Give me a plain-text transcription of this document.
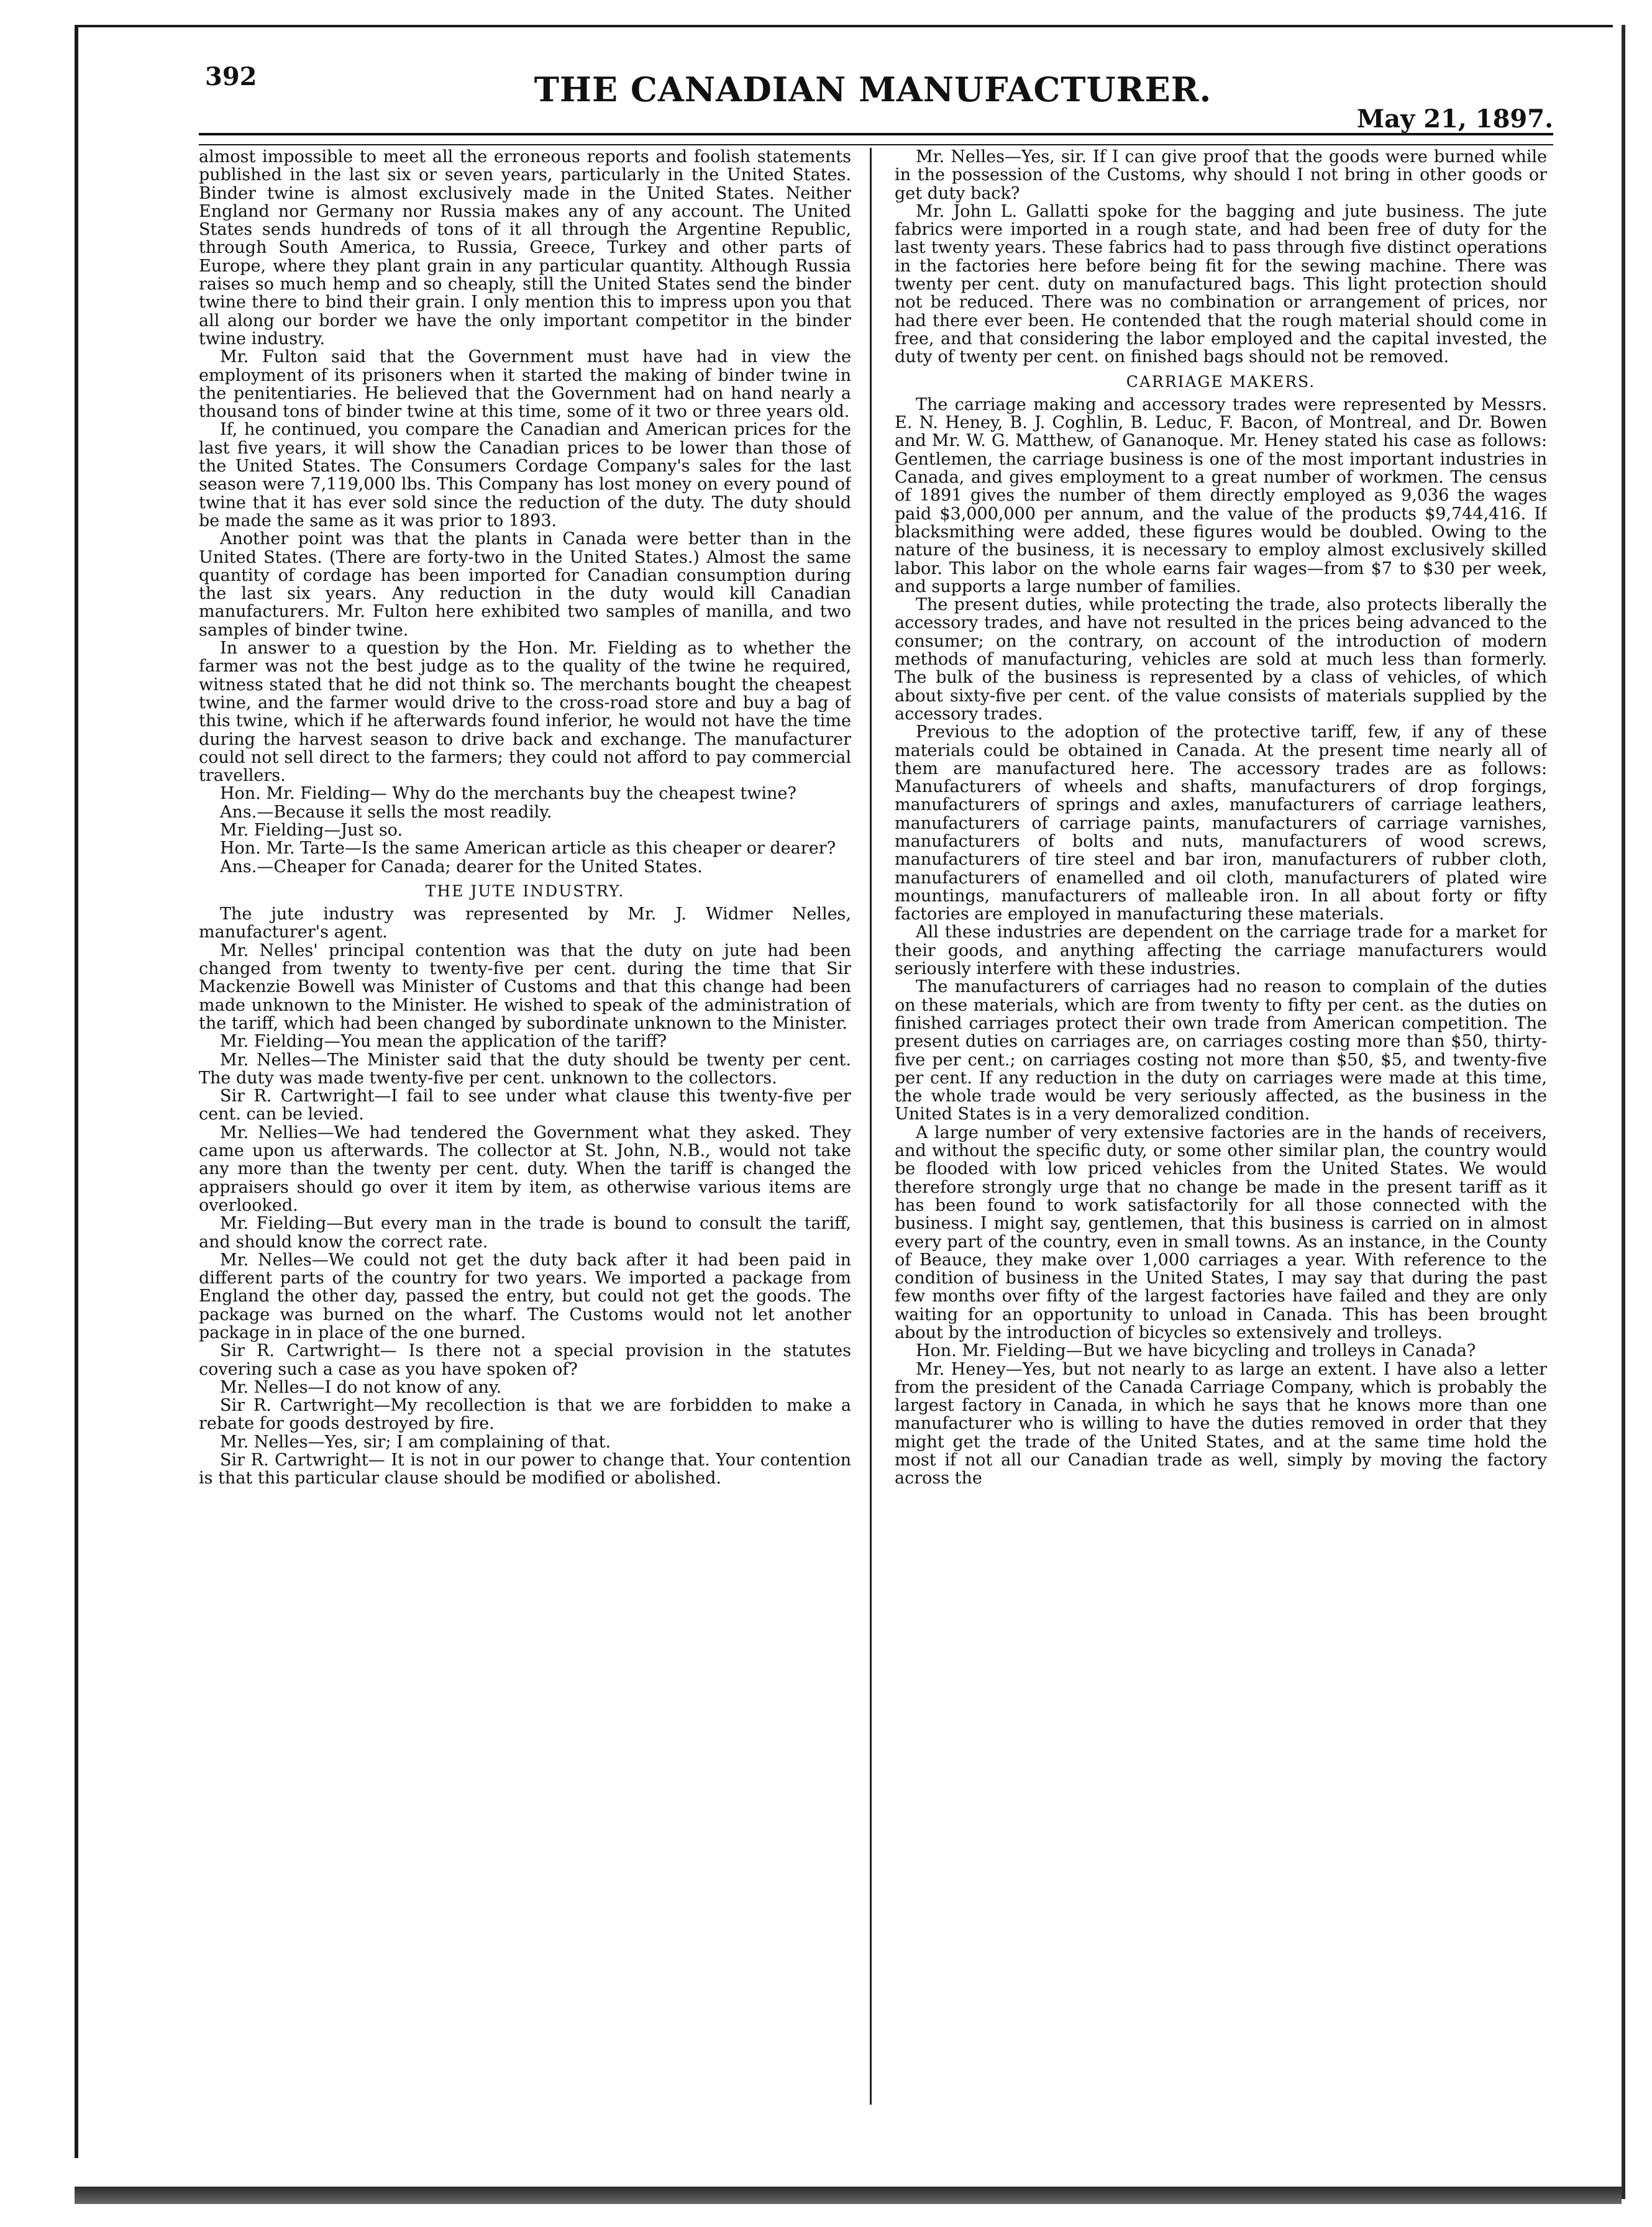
392	THE CANADIAN MANUFACTURER.
May 21, 1897.

almost impossible to meet all the erroneous reports and foolish statements published in the last six or seven years, particularly in the United States. Binder twine is almost exclusively made in the United States. Neither England nor Germany nor Russia makes any of any account. The United States sends hundreds of tons of it all through the Argentine Republic, through South America, to Russia, Greece, Turkey and other parts of Europe, where they plant grain in any particular quantity. Although Russia raises so much hemp and so cheaply, still the United States send the binder twine there to bind their grain. I only mention this to impress upon you that all along our border we have the only important competitor in the binder twine industry.

Mr. Fulton said that the Government must have had in view the employment of its prisoners when it started the making of binder twine in the penitentiaries. He believed that the Government had on hand nearly a thousand tons of binder twine at this time, some of it two or three years old.

If, he continued, you compare the Canadian and American prices for the last five years, it will show the Canadian prices to be lower than those of the United States. The Consumers Cordage Company's sales for the last season were 7,119,000 lbs. This Company has lost money on every pound of twine that it has ever sold since the reduction of the duty. The duty should be made the same as it was prior to 1893.

Another point was that the plants in Canada were better than in the United States. (There are forty-two in the United States.) Almost the same quantity of cordage has been imported for Canadian consumption during the last six years. Any reduction in the duty would kill Canadian manufacturers. Mr. Fulton here exhibited two samples of manilla, and two samples of binder twine.

In answer to a question by the Hon. Mr. Fielding as to whether the farmer was not the best judge as to the quality of the twine he required, witness stated that he did not think so. The merchants bought the cheapest twine, and the farmer would drive to the cross-road store and buy a bag of this twine, which if he afterwards found inferior, he would not have the time during the harvest season to drive back and exchange. The manufacturer could not sell direct to the farmers; they could not afford to pay commercial travellers.

Hon. Mr. Fielding— Why do the merchants buy the cheapest twine?

Ans.—Because it sells the most readily.

Mr. Fielding—Just so.

Hon. Mr. Tarte—Is the same American article as this cheaper or dearer?

Ans.—Cheaper for Canada; dearer for the United States.

THE JUTE INDUSTRY.

The jute industry was represented by Mr. J. Widmer Nelles, manufacturer's agent.

Mr. Nelles' principal contention was that the duty on jute had been changed from twenty to twenty-five per cent. during the time that Sir Mackenzie Bowell was Minister of Customs and that this change had been made unknown to the Minister. He wished to speak of the administration of the tariff, which had been changed by subordinate unknown to the Minister.

Mr. Fielding—You mean the application of the tariff?

Mr. Nelles—The Minister said that the duty should be twenty per cent. The duty was made twenty-five per cent. unknown to the collectors.

Sir R. Cartwright—I fail to see under what clause this twenty-five per cent. can be levied.

Mr. Nellies—We had tendered the Government what they asked. They came upon us afterwards. The collector at St. John, N.B., would not take any more than the twenty per cent. duty. When the tariff is changed the appraisers should go over it item by item, as otherwise various items are overlooked.

Mr. Fielding—But every man in the trade is bound to consult the tariff, and should know the correct rate.

Mr. Nelles—We could not get the duty back after it had been paid in different parts of the country for two years. We imported a package from England the other day, passed the entry, but could not get the goods. The package was burned on the wharf. The Customs would not let another package in in place of the one burned.

Sir R. Cartwright— Is there not a special provision in the statutes covering such a case as you have spoken of?

Mr. Nelles—I do not know of any.

Sir R. Cartwright—My recollection is that we are forbidden to make a rebate for goods destroyed by fire.

Mr. Nelles—Yes, sir; I am complaining of that.

Sir R. Cartwright— It is not in our power to change that. Your contention is that this particular clause should be modified or abolished.

Mr. Nelles—Yes, sir. If I can give proof that the goods were burned while in the possession of the Customs, why should I not bring in other goods or get duty back?

Mr. John L. Gallatti spoke for the bagging and jute business. The jute fabrics were imported in a rough state, and had been free of duty for the last twenty years. These fabrics had to pass through five distinct operations in the factories here before being fit for the sewing machine. There was twenty per cent. duty on manufactured bags. This light protection should not be reduced. There was no combination or arrangement of prices, nor had there ever been. He contended that the rough material should come in free, and that considering the labor employed and the capital invested, the duty of twenty per cent. on finished bags should not be removed.

CARRIAGE MAKERS.

The carriage making and accessory trades were represented by Messrs. E. N. Heney, B. J. Coghlin, B. Leduc, F. Bacon, of Montreal, and Dr. Bowen and Mr. W. G. Matthew, of Gananoque. Mr. Heney stated his case as follows: Gentlemen, the carriage business is one of the most important industries in Canada, and gives employment to a great number of workmen. The census of 1891 gives the number of them directly employed as 9,036 the wages paid $3,000,000 per annum, and the value of the products $9,744,416. If blacksmithing were added, these figures would be doubled. Owing to the nature of the business, it is necessary to employ almost exclusively skilled labor. This labor on the whole earns fair wages—from $7 to $30 per week, and supports a large number of families.

The present duties, while protecting the trade, also protects liberally the accessory trades, and have not resulted in the prices being advanced to the consumer; on the contrary, on account of the introduction of modern methods of manufacturing, vehicles are sold at much less than formerly. The bulk of the business is represented by a class of vehicles, of which about sixty-five per cent. of the value consists of materials supplied by the accessory trades.

Previous to the adoption of the protective tariff, few, if any of these materials could be obtained in Canada. At the present time nearly all of them are manufactured here. The accessory trades are as follows: Manufacturers of wheels and shafts, manufacturers of drop forgings, manufacturers of springs and axles, manufacturers of carriage leathers, manufacturers of carriage paints, manufacturers of carriage varnishes, manufacturers of bolts and nuts, manufacturers of wood screws, manufacturers of tire steel and bar iron, manufacturers of rubber cloth, manufacturers of enamelled and oil cloth, manufacturers of plated wire mountings, manufacturers of malleable iron. In all about forty or fifty factories are employed in manufacturing these materials.

All these industries are dependent on the carriage trade for a market for their goods, and anything affecting the carriage manufacturers would seriously interfere with these industries.

The manufacturers of carriages had no reason to complain of the duties on these materials, which are from twenty to fifty per cent. as the duties on finished carriages protect their own trade from American competition. The present duties on carriages are, on carriages costing more than $50, thirty-five per cent.; on carriages costing not more than $50, $5, and twenty-five per cent. If any reduction in the duty on carriages were made at this time, the whole trade would be very seriously affected, as the business in the United States is in a very demoralized condition.

A large number of very extensive factories are in the hands of receivers, and without the specific duty, or some other similar plan, the country would be flooded with low priced vehicles from the United States. We would therefore strongly urge that no change be made in the present tariff as it has been found to work satisfactorily for all those connected with the business. I might say, gentlemen, that this business is carried on in almost every part of the country, even in small towns. As an instance, in the County of Beauce, they make over 1,000 carriages a year. With reference to the condition of business in the United States, I may say that during the past few months over fifty of the largest factories have failed and they are only waiting for an opportunity to unload in Canada. This has been brought about by the introduction of bicycles so extensively and trolleys.

Hon. Mr. Fielding—But we have bicycling and trolleys in Canada?

Mr. Heney—Yes, but not nearly to as large an extent. I have also a letter from the president of the Canada Carriage Company, which is probably the largest factory in Canada, in which he says that he knows more than one manufacturer who is willing to have the duties removed in order that they might get the trade of the United States, and at the same time hold the most if not all our Canadian trade as well, simply by moving the factory across the
